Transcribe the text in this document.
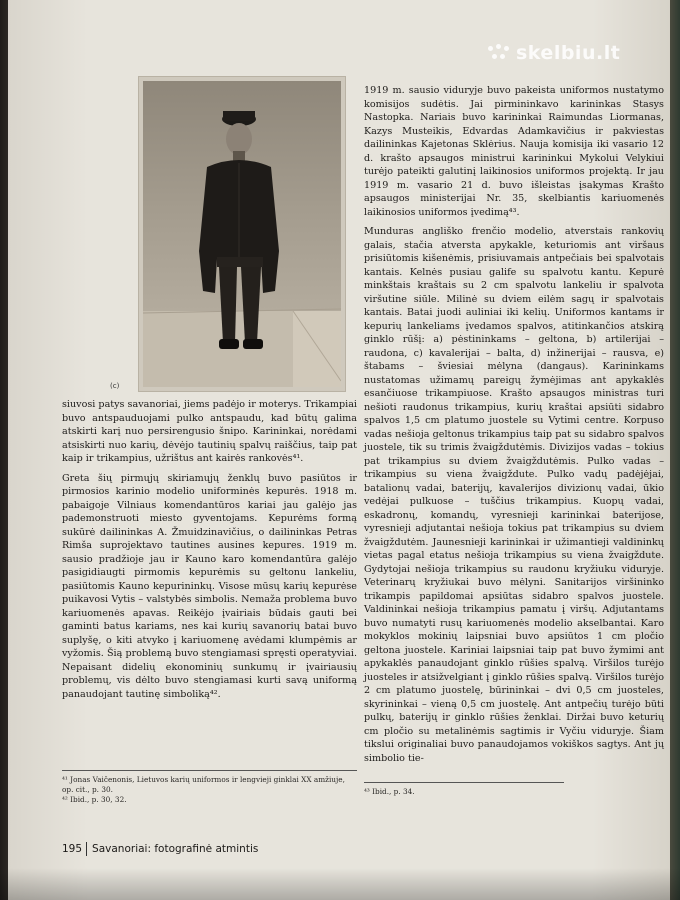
skelbiu.lt
(c)

siuvosi patys savanoriai, jiems padėjo ir moterys. Trikampiai buvo antspauduojami pulko antspaudu, kad būtų galima atskirti karį nuo persirengusio šnipo. Karininkai, norėdami atsiskirti nuo karių, dėvėjo tautinių spalvų raiščius, taip pat kaip ir trikampius, užrištus ant kairės rankovės⁴¹.

Greta šių pirmųjų skiriamųjų ženklų buvo pasiūtos ir pirmosios karinio modelio uniforminės kepurės. 1918 m. pabaigoje Vilniaus komendantūros kariai jau galėjo jas pademonstruoti miesto gyventojams. Kepurėms formą sukūrė dailininkas A. Žmuidzinavičius, o dailininkas Petras Rimša suprojektavo tautines ausines kepures. 1919 m. sausio pradžioje jau ir Kauno karo komendantūra galėjo pasigidiaugti pirmomis kepurėmis su geltonu lankeliu, pasiūtomis Kauno kepurininkų. Visose mūsų karių kepurėse puikavosi Vytis – valstybės simbolis. Nemaža problema buvo kariuomenės apavas. Reikėjo įvairiais būdais gauti bei gaminti batus kariams, nes kai kurių savanorių batai buvo suplyšę, o kiti atvyko į kariuomenę avėdami klumpėmis ar vyžomis. Šią problemą buvo stengiamasi spręsti operatyviai. Nepaisant didelių ekonominių sunkumų ir įvairiausių problemų, vis dėlto buvo stengiamasi kurti savą uniformą panaudojant tautinę simboliką⁴².

1919 m. sausio viduryje buvo pakeista uniformos nustatymo komisijos sudėtis. Jai pirmininkavo karininkas Stasys Nastopka. Nariais buvo karininkai Raimundas Liormanas, Kazys Musteikis, Edvardas Adamkavičius ir pakviestas dailininkas Kajetonas Sklėrius. Nauja komisija iki vasario 12 d. krašto apsaugos ministrui karininkui Mykolui Velykiui turėjo pateikti galutinį laikinosios uniformos projektą. Ir jau 1919 m. vasario 21 d. buvo išleistas įsakymas Krašto apsaugos ministerijai Nr. 35, skelbiantis kariuomenės laikinosios uniformos įvedimą⁴³.

Munduras angliško frenčio modelio, atverstais rankovių galais, stačia atversta apykakle, keturiomis ant viršaus prisiūtomis kišenėmis, prisiuvamais antpečiais bei spalvotais kantais. Kelnės pusiau galife su spalvotu kantu. Kepurė minkštais kraštais su 2 cm spalvotu lankeliu ir spalvota viršutine siūle. Milinė su dviem eilėm sagų ir spalvotais kantais. Batai juodi auliniai iki kelių. Uniformos kantams ir kepurių lankeliams įvedamos spalvos, atitinkančios atskirą ginklo rūšį: a) pėstininkams – geltona, b) artilerijai – raudona, c) kavalerijai – balta, d) inžinerijai – rausva, e) štabams – šviesiai mėlyna (dangaus). Karininkams nustatomas užimamų pareigų žymėjimas ant apykaklės esančiuose trikampiuose. Krašto apsaugos ministras turi nešioti raudonus trikampius, kurių kraštai apsiūti sidabro spalvos 1,5 cm platumo juostele su Vytimi centre. Korpuso vadas nešioja geltonus trikampius taip pat su sidabro spalvos juostele, tik su trimis žvaigždutėmis. Divizijos vadas – tokius pat trikampius su dviem žvaigždutėmis. Pulko vadas – trikampius su viena žvaigždute. Pulko vadų padėjėjai, batalionų vadai, baterijų, kavalerijos divizionų vadai, ūkio vedėjai pulkuose – tuščius trikampius. Kuopų vadai, eskadronų, komandų, vyresnieji karininkai baterijose, vyresnieji adjutantai nešioja tokius pat trikampius su dviem žvaigždutėm. Jaunesnieji karininkai ir užimantieji valdininkų vietas pagal etatus nešioja trikampius su viena žvaigždute. Gydytojai nešioja trikampius su raudonu kryžiuku viduryje. Veterinarų kryžiukai buvo mėlyni. Sanitarijos viršininko trikampis papildomai apsiūtas sidabro spalvos juostele. Valdininkai nešioja trikampius pamatu į viršų. Adjutantams buvo numatyti rusų kariuomenės modelio akselbantai. Karo mokyklos mokinių laipsniai buvo apsiūtos 1 cm pločio geltona juostele. Kariniai laipsniai taip pat buvo žymimi ant apykaklės panaudojant ginklo rūšies spalvą. Viršilos turėjo juosteles ir atsižvelgiant į ginklo rūšies spalvą. Viršilos turėjo 2 cm platumo juostelę, būrininkai – dvi 0,5 cm juosteles, skyrininkai – vieną 0,5 cm juostelę. Ant antpečių turėjo būti pulkų, baterijų ir ginklo rūšies ženklai. Diržai buvo keturių cm pločio su metalinėmis sagtimis ir Vyčiu viduryje. Šiam tikslui originaliai buvo panaudojamos vokiškos sagtys. Ant jų simbolio tie-

⁴¹ Jonas Vaičenonis, Lietuvos karių uniformos ir lengvieji ginklai XX amžiuje, op. cit., p. 30.
⁴² Ibid., p. 30, 32.
⁴³ Ibid., p. 34.
195 Savanoriai: fotografinė atmintis
